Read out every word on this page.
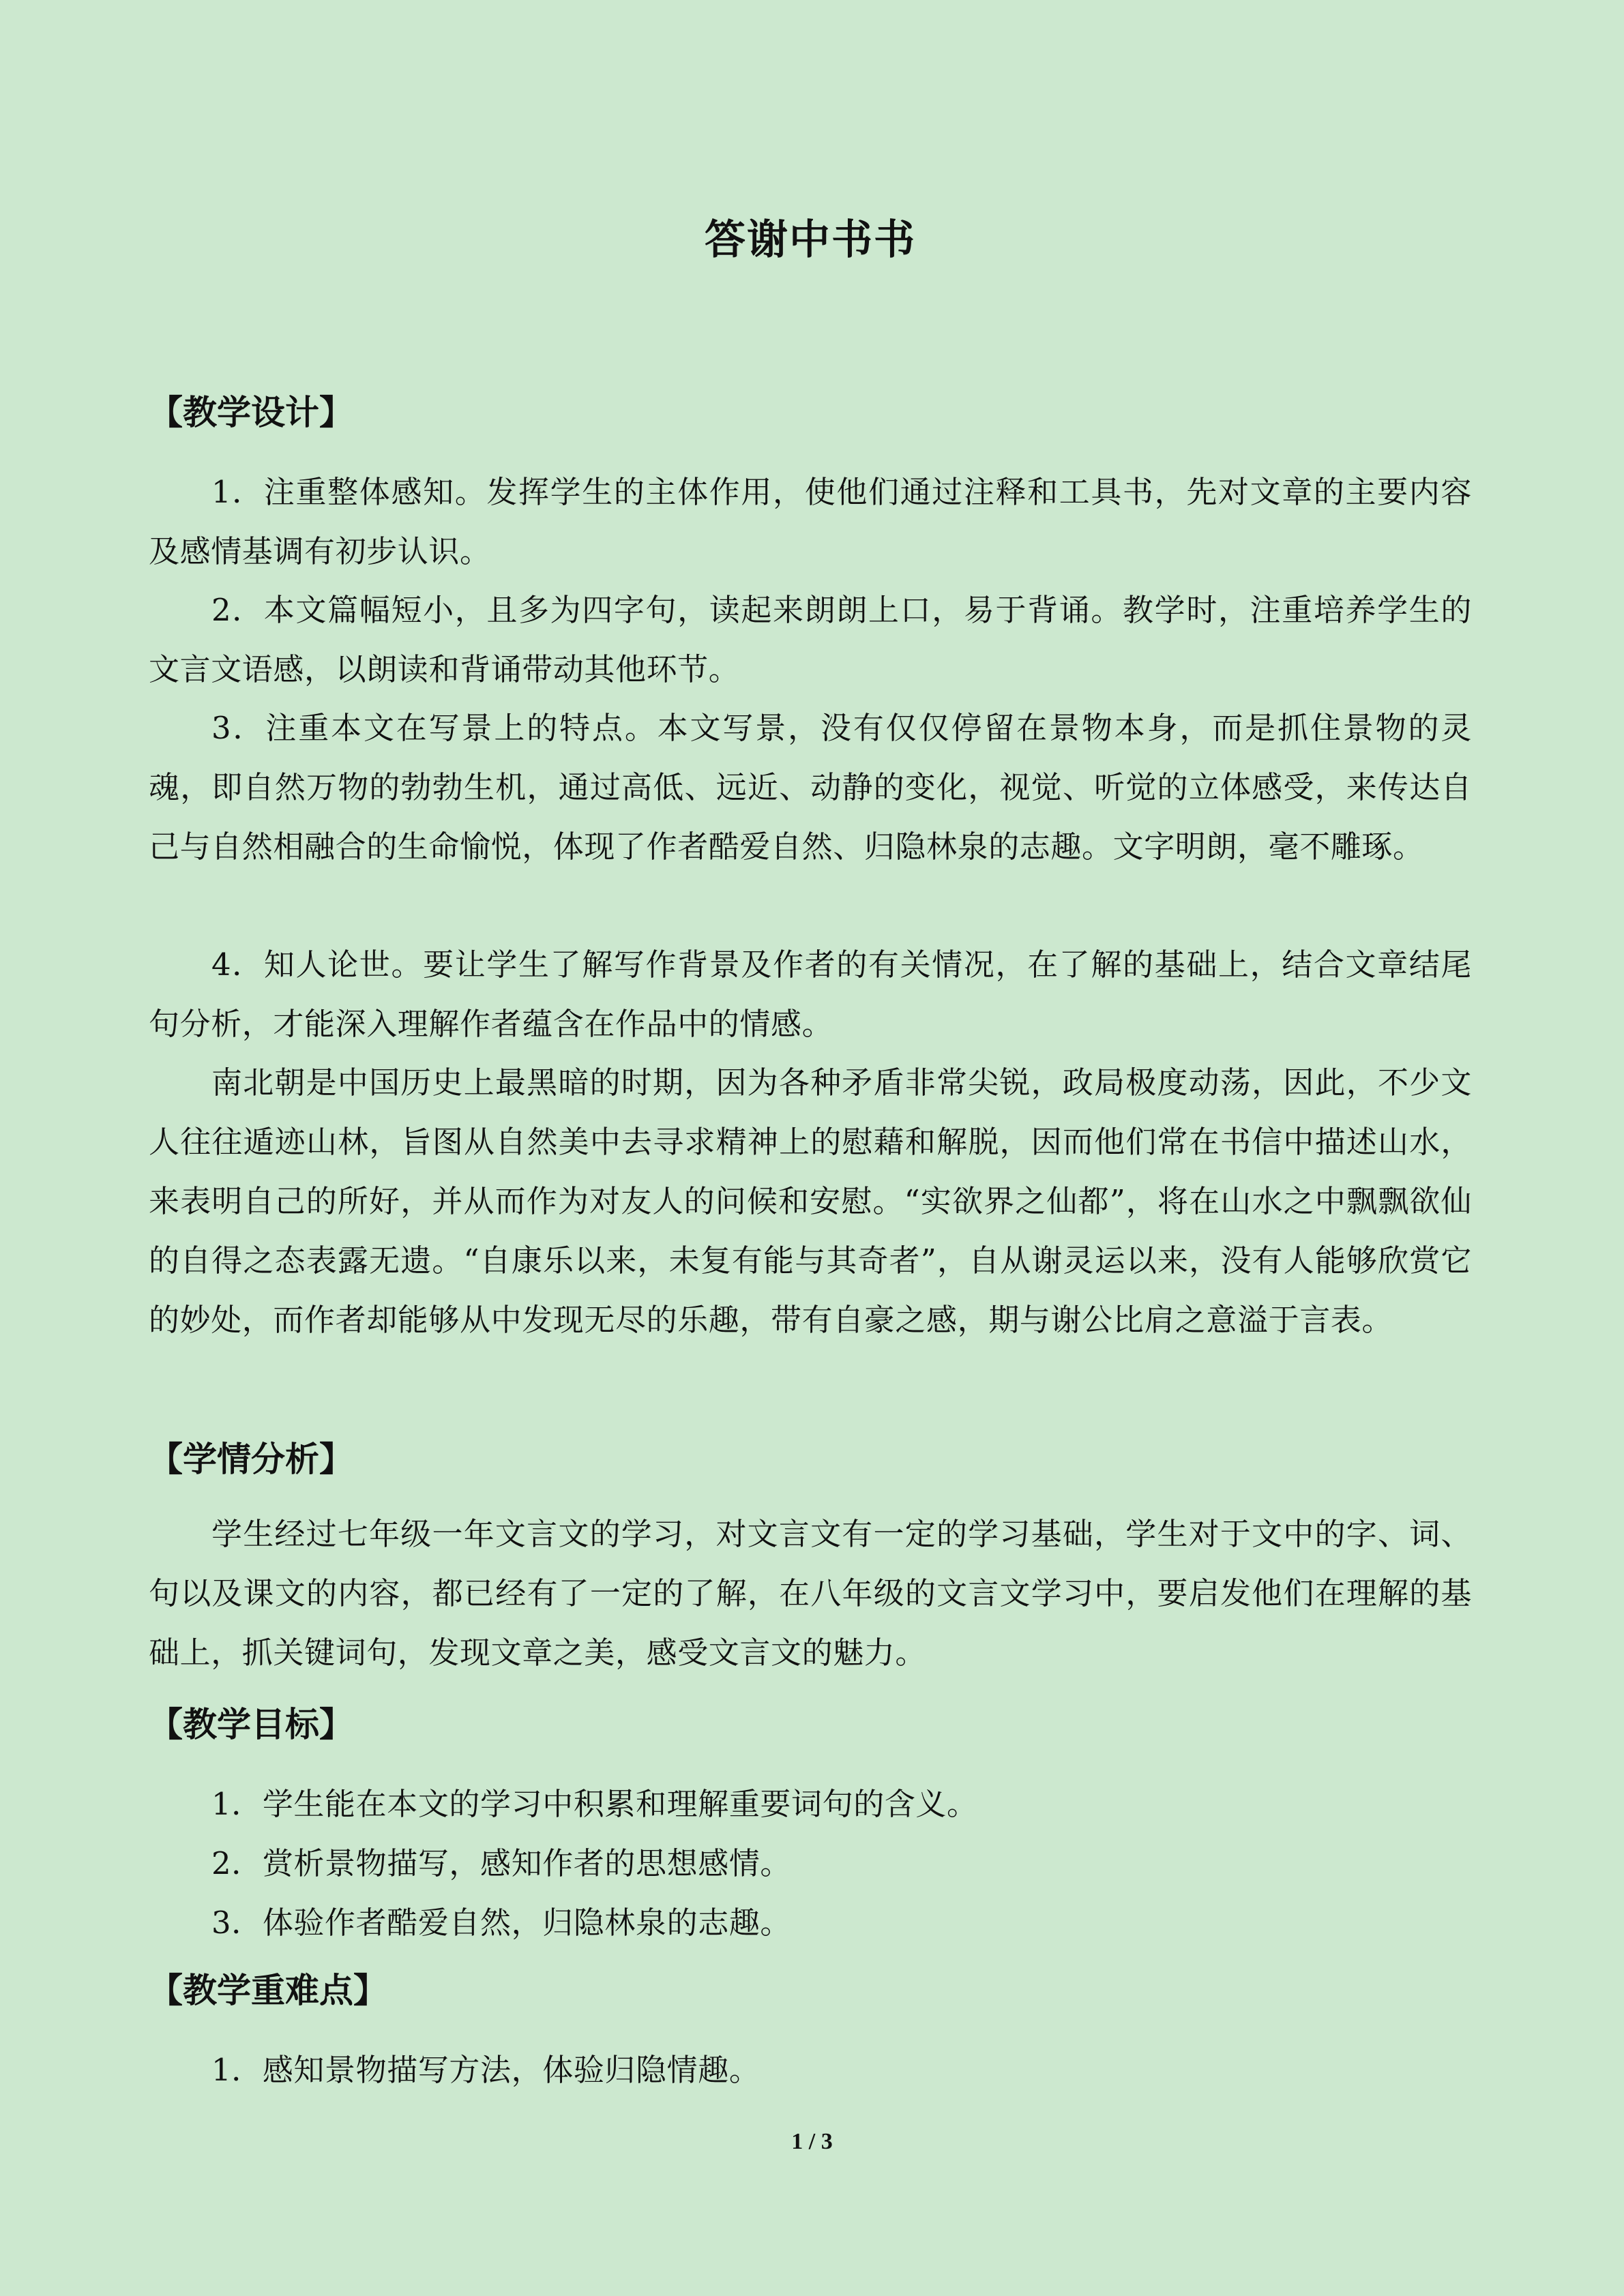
答谢中书书
【教学设计】
1．注重整体感知。发挥学生的主体作用，使他们通过注释和工具书，先对文章的主要内容及感情基调有初步认识。
2．本文篇幅短小，且多为四字句，读起来朗朗上口，易于背诵。教学时，注重培养学生的文言文语感，以朗读和背诵带动其他环节。
3．注重本文在写景上的特点。本文写景，没有仅仅停留在景物本身，而是抓住景物的灵魂，即自然万物的勃勃生机，通过高低、远近、动静的变化，视觉、听觉的立体感受，来传达自己与自然相融合的生命愉悦，体现了作者酷爱自然、归隐林泉的志趣。文字明朗，毫不雕琢。
4．知人论世。要让学生了解写作背景及作者的有关情况，在了解的基础上，结合文章结尾句分析，才能深入理解作者蕴含在作品中的情感。
南北朝是中国历史上最黑暗的时期，因为各种矛盾非常尖锐，政局极度动荡，因此，不少文人往往遁迹山林，旨图从自然美中去寻求精神上的慰藉和解脱，因而他们常在书信中描述山水，来表明自己的所好，并从而作为对友人的问候和安慰。“实欲界之仙都”，将在山水之中飘飘欲仙的自得之态表露无遗。“自康乐以来，未复有能与其奇者”，自从谢灵运以来，没有人能够欣赏它的妙处，而作者却能够从中发现无尽的乐趣，带有自豪之感，期与谢公比肩之意溢于言表。
【学情分析】
学生经过七年级一年文言文的学习，对文言文有一定的学习基础，学生对于文中的字、词、句以及课文的内容，都已经有了一定的了解，在八年级的文言文学习中，要启发他们在理解的基础上，抓关键词句，发现文章之美，感受文言文的魅力。
【教学目标】
1．学生能在本文的学习中积累和理解重要词句的含义。
2．赏析景物描写，感知作者的思想感情。
3．体验作者酷爱自然，归隐林泉的志趣。
【教学重难点】
1．感知景物描写方法，体验归隐情趣。
1 / 3
